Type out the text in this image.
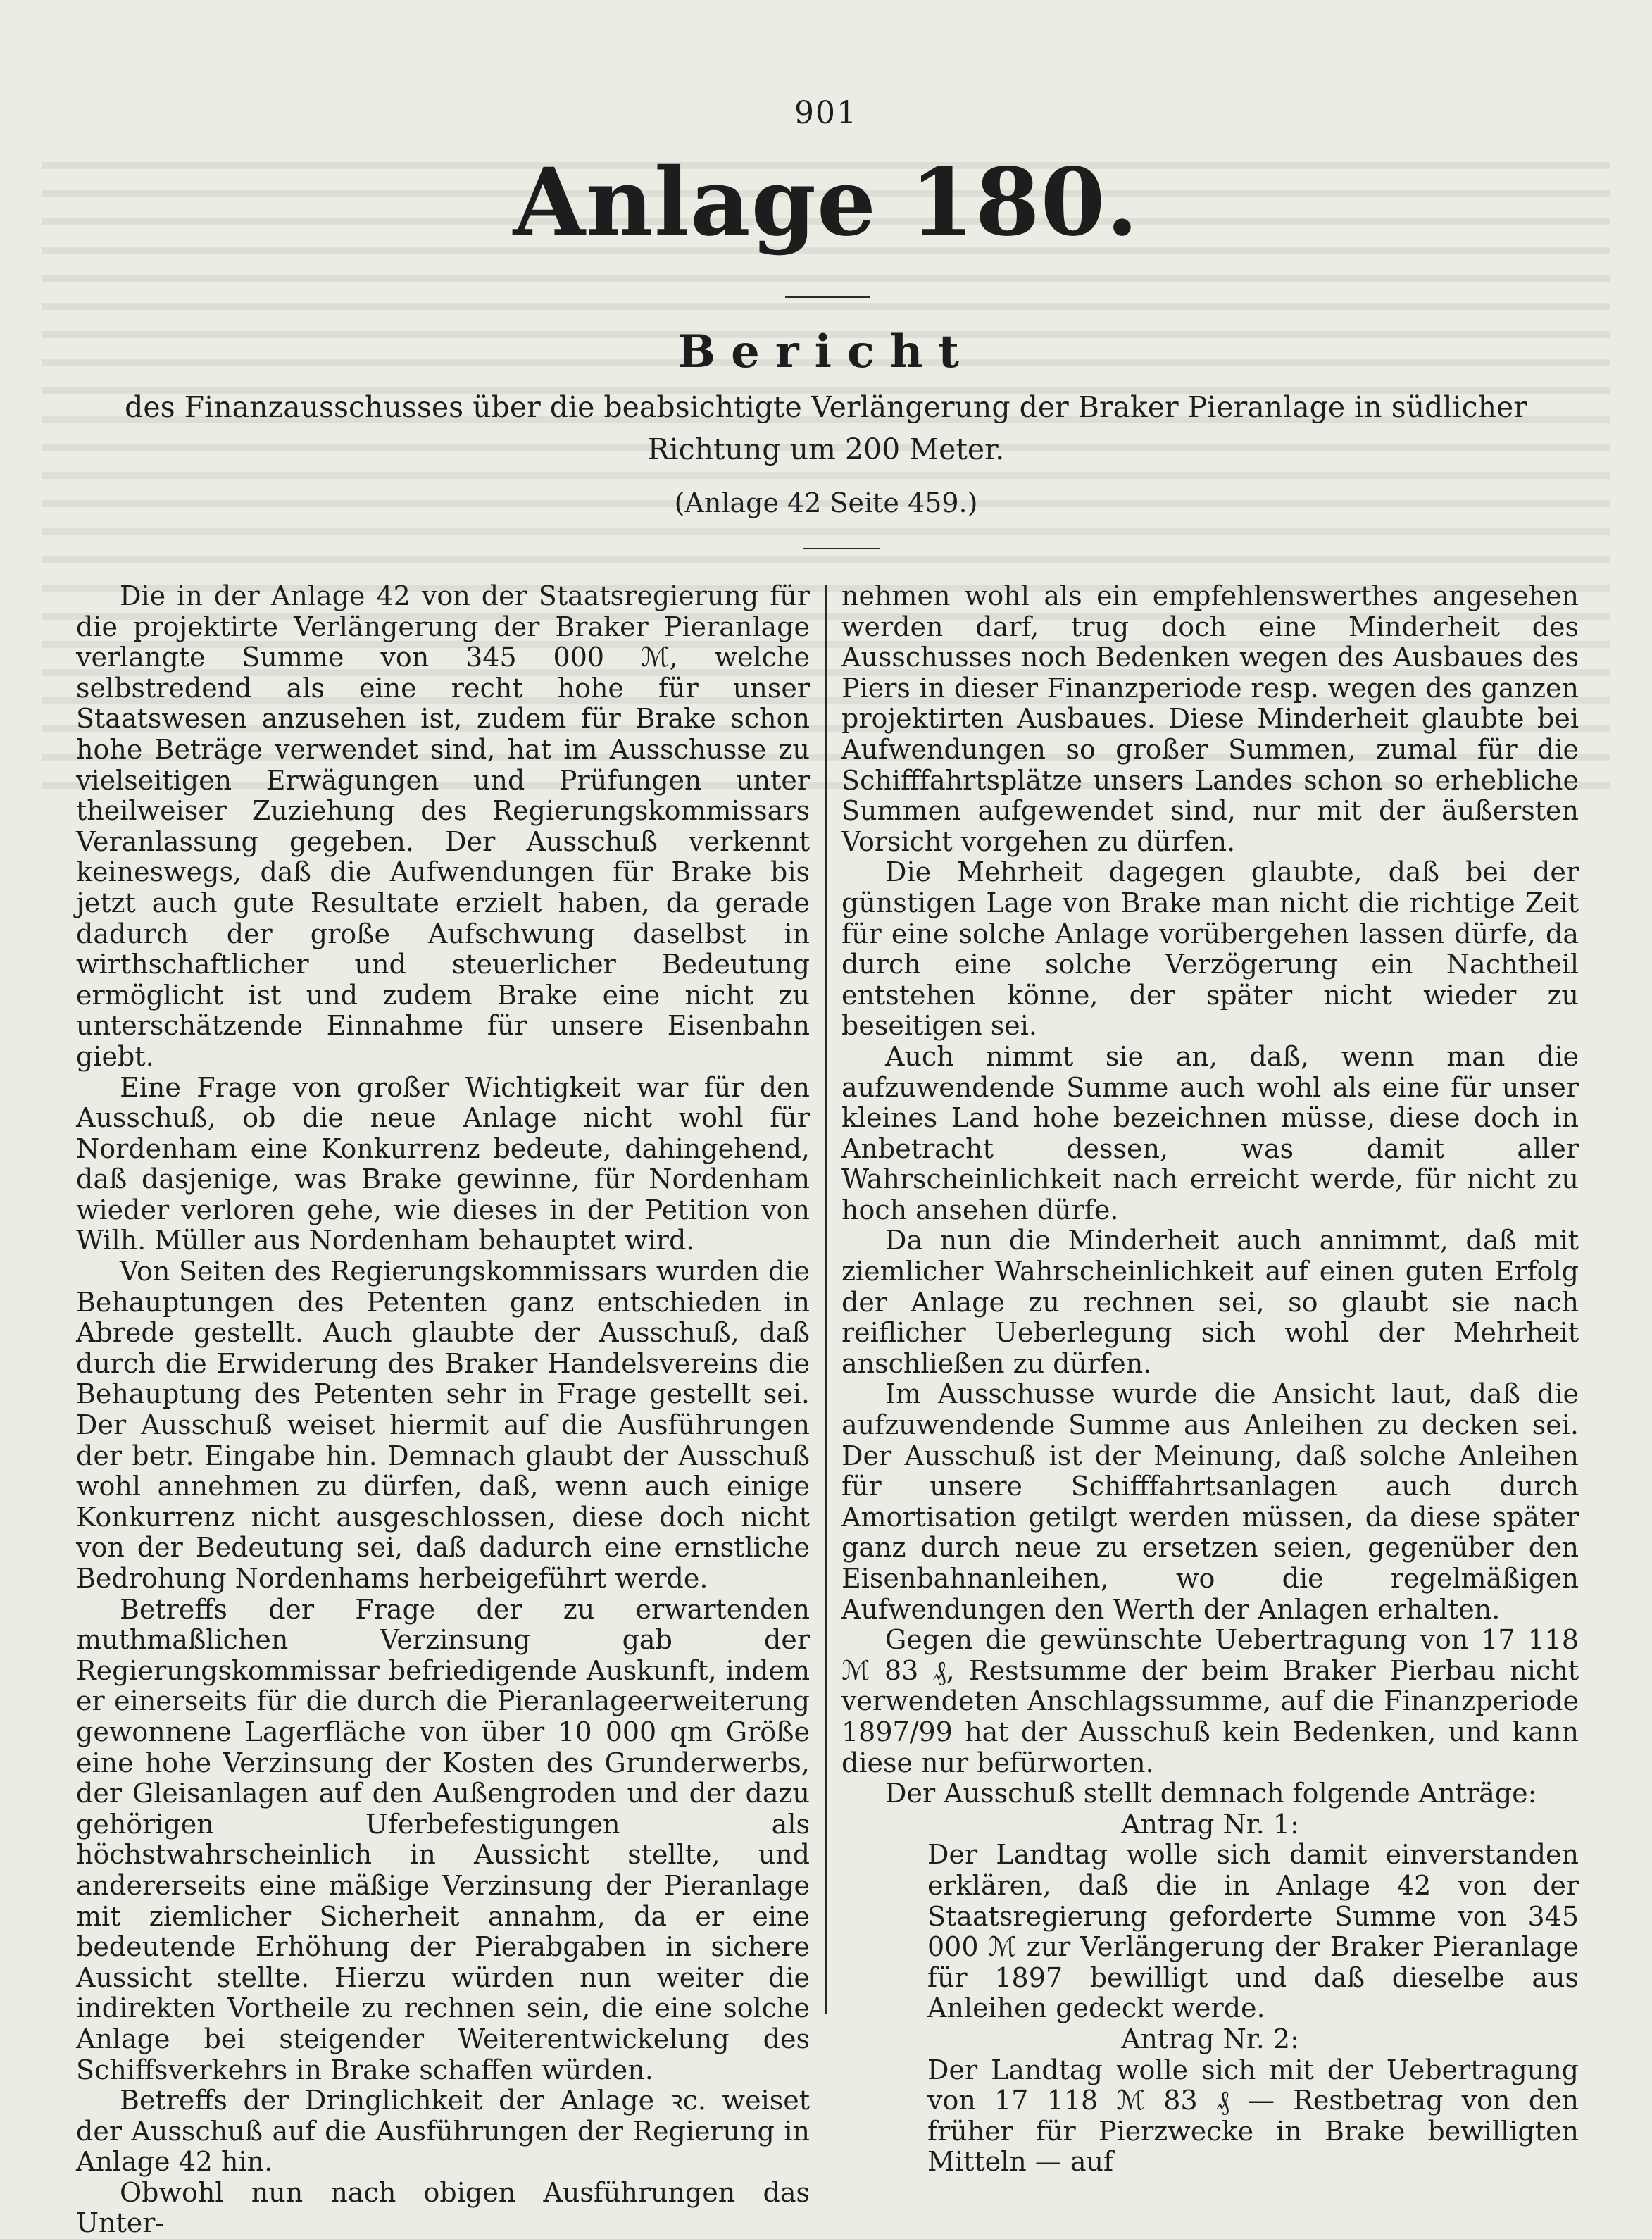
901
Anlage 180.
Bericht
des Finanzausschusses über die beabsichtigte Verlängerung der Braker Pieranlage in südlicher Richtung um 200 Meter.
(Anlage 42 Seite 459.)

Die in der Anlage 42 von der Staatsregierung für die projektirte Verlängerung der Braker Pieranlage verlangte Summe von 345 000 ℳ, welche selbstredend als eine recht hohe für unser Staatswesen anzusehen ist, zudem für Brake schon hohe Beträge verwendet sind, hat im Ausschusse zu vielseitigen Erwägungen und Prüfungen unter theilweiser Zuziehung des Regierungskommissars Veranlassung gegeben. Der Ausschuß verkennt keineswegs, daß die Aufwendungen für Brake bis jetzt auch gute Resultate erzielt haben, da gerade dadurch der große Aufschwung daselbst in wirthschaftlicher und steuerlicher Bedeutung ermöglicht ist und zudem Brake eine nicht zu unterschätzende Einnahme für unsere Eisenbahn giebt.

Eine Frage von großer Wichtigkeit war für den Ausschuß, ob die neue Anlage nicht wohl für Nordenham eine Konkurrenz bedeute, dahingehend, daß dasjenige, was Brake gewinne, für Nordenham wieder verloren gehe, wie dieses in der Petition von Wilh. Müller aus Nordenham behauptet wird.

Von Seiten des Regierungskommissars wurden die Behauptungen des Petenten ganz entschieden in Abrede gestellt. Auch glaubte der Ausschuß, daß durch die Erwiderung des Braker Handelsvereins die Behauptung des Petenten sehr in Frage gestellt sei. Der Ausschuß weiset hiermit auf die Ausführungen der betr. Eingabe hin. Demnach glaubt der Ausschuß wohl annehmen zu dürfen, daß, wenn auch einige Konkurrenz nicht ausgeschlossen, diese doch nicht von der Bedeutung sei, daß dadurch eine ernstliche Bedrohung Nordenhams herbeigeführt werde.

Betreffs der Frage der zu erwartenden muthmaßlichen Verzinsung gab der Regierungskommissar befriedigende Auskunft, indem er einerseits für die durch die Pieranlageerweiterung gewonnene Lagerfläche von über 10 000 qm Größe eine hohe Verzinsung der Kosten des Grunderwerbs, der Gleisanlagen auf den Außengroden und der dazu gehörigen Uferbefestigungen als höchstwahrscheinlich in Aussicht stellte, und andererseits eine mäßige Verzinsung der Pieranlage mit ziemlicher Sicherheit annahm, da er eine bedeutende Erhöhung der Pierabgaben in sichere Aussicht stellte. Hierzu würden nun weiter die indirekten Vortheile zu rechnen sein, die eine solche Anlage bei steigender Weiterentwickelung des Schiffsverkehrs in Brake schaffen würden.

Betreffs der Dringlichkeit der Anlage ꝛc. weiset der Ausschuß auf die Ausführungen der Regierung in Anlage 42 hin.

Obwohl nun nach obigen Ausführungen das Unter-

nehmen wohl als ein empfehlenswerthes angesehen werden darf, trug doch eine Minderheit des Ausschusses noch Bedenken wegen des Ausbaues des Piers in dieser Finanzperiode resp. wegen des ganzen projektirten Ausbaues. Diese Minderheit glaubte bei Aufwendungen so großer Summen, zumal für die Schifffahrtsplätze unsers Landes schon so erhebliche Summen aufgewendet sind, nur mit der äußersten Vorsicht vorgehen zu dürfen.

Die Mehrheit dagegen glaubte, daß bei der günstigen Lage von Brake man nicht die richtige Zeit für eine solche Anlage vorübergehen lassen dürfe, da durch eine solche Verzögerung ein Nachtheil entstehen könne, der später nicht wieder zu beseitigen sei.

Auch nimmt sie an, daß, wenn man die aufzuwendende Summe auch wohl als eine für unser kleines Land hohe bezeichnen müsse, diese doch in Anbetracht dessen, was damit aller Wahrscheinlichkeit nach erreicht werde, für nicht zu hoch ansehen dürfe.

Da nun die Minderheit auch annimmt, daß mit ziemlicher Wahrscheinlichkeit auf einen guten Erfolg der Anlage zu rechnen sei, so glaubt sie nach reiflicher Ueberlegung sich wohl der Mehrheit anschließen zu dürfen.

Im Ausschusse wurde die Ansicht laut, daß die aufzuwendende Summe aus Anleihen zu decken sei. Der Ausschuß ist der Meinung, daß solche Anleihen für unsere Schifffahrtsanlagen auch durch Amortisation getilgt werden müssen, da diese später ganz durch neue zu ersetzen seien, gegenüber den Eisenbahnanleihen, wo die regelmäßigen Aufwendungen den Werth der Anlagen erhalten.

Gegen die gewünschte Uebertragung von 17 118 ℳ 83 ₰, Restsumme der beim Braker Pierbau nicht verwendeten Anschlagssumme, auf die Finanzperiode 1897/99 hat der Ausschuß kein Bedenken, und kann diese nur befürworten.

Der Ausschuß stellt demnach folgende Anträge:

Antrag Nr. 1:

Der Landtag wolle sich damit einverstanden erklären, daß die in Anlage 42 von der Staatsregierung geforderte Summe von 345 000 ℳ zur Verlängerung der Braker Pieranlage für 1897 bewilligt und daß dieselbe aus Anleihen gedeckt werde.

Antrag Nr. 2:

Der Landtag wolle sich mit der Uebertragung von 17 118 ℳ 83 ₰ — Restbetrag von den früher für Pierzwecke in Brake bewilligten Mitteln — auf
